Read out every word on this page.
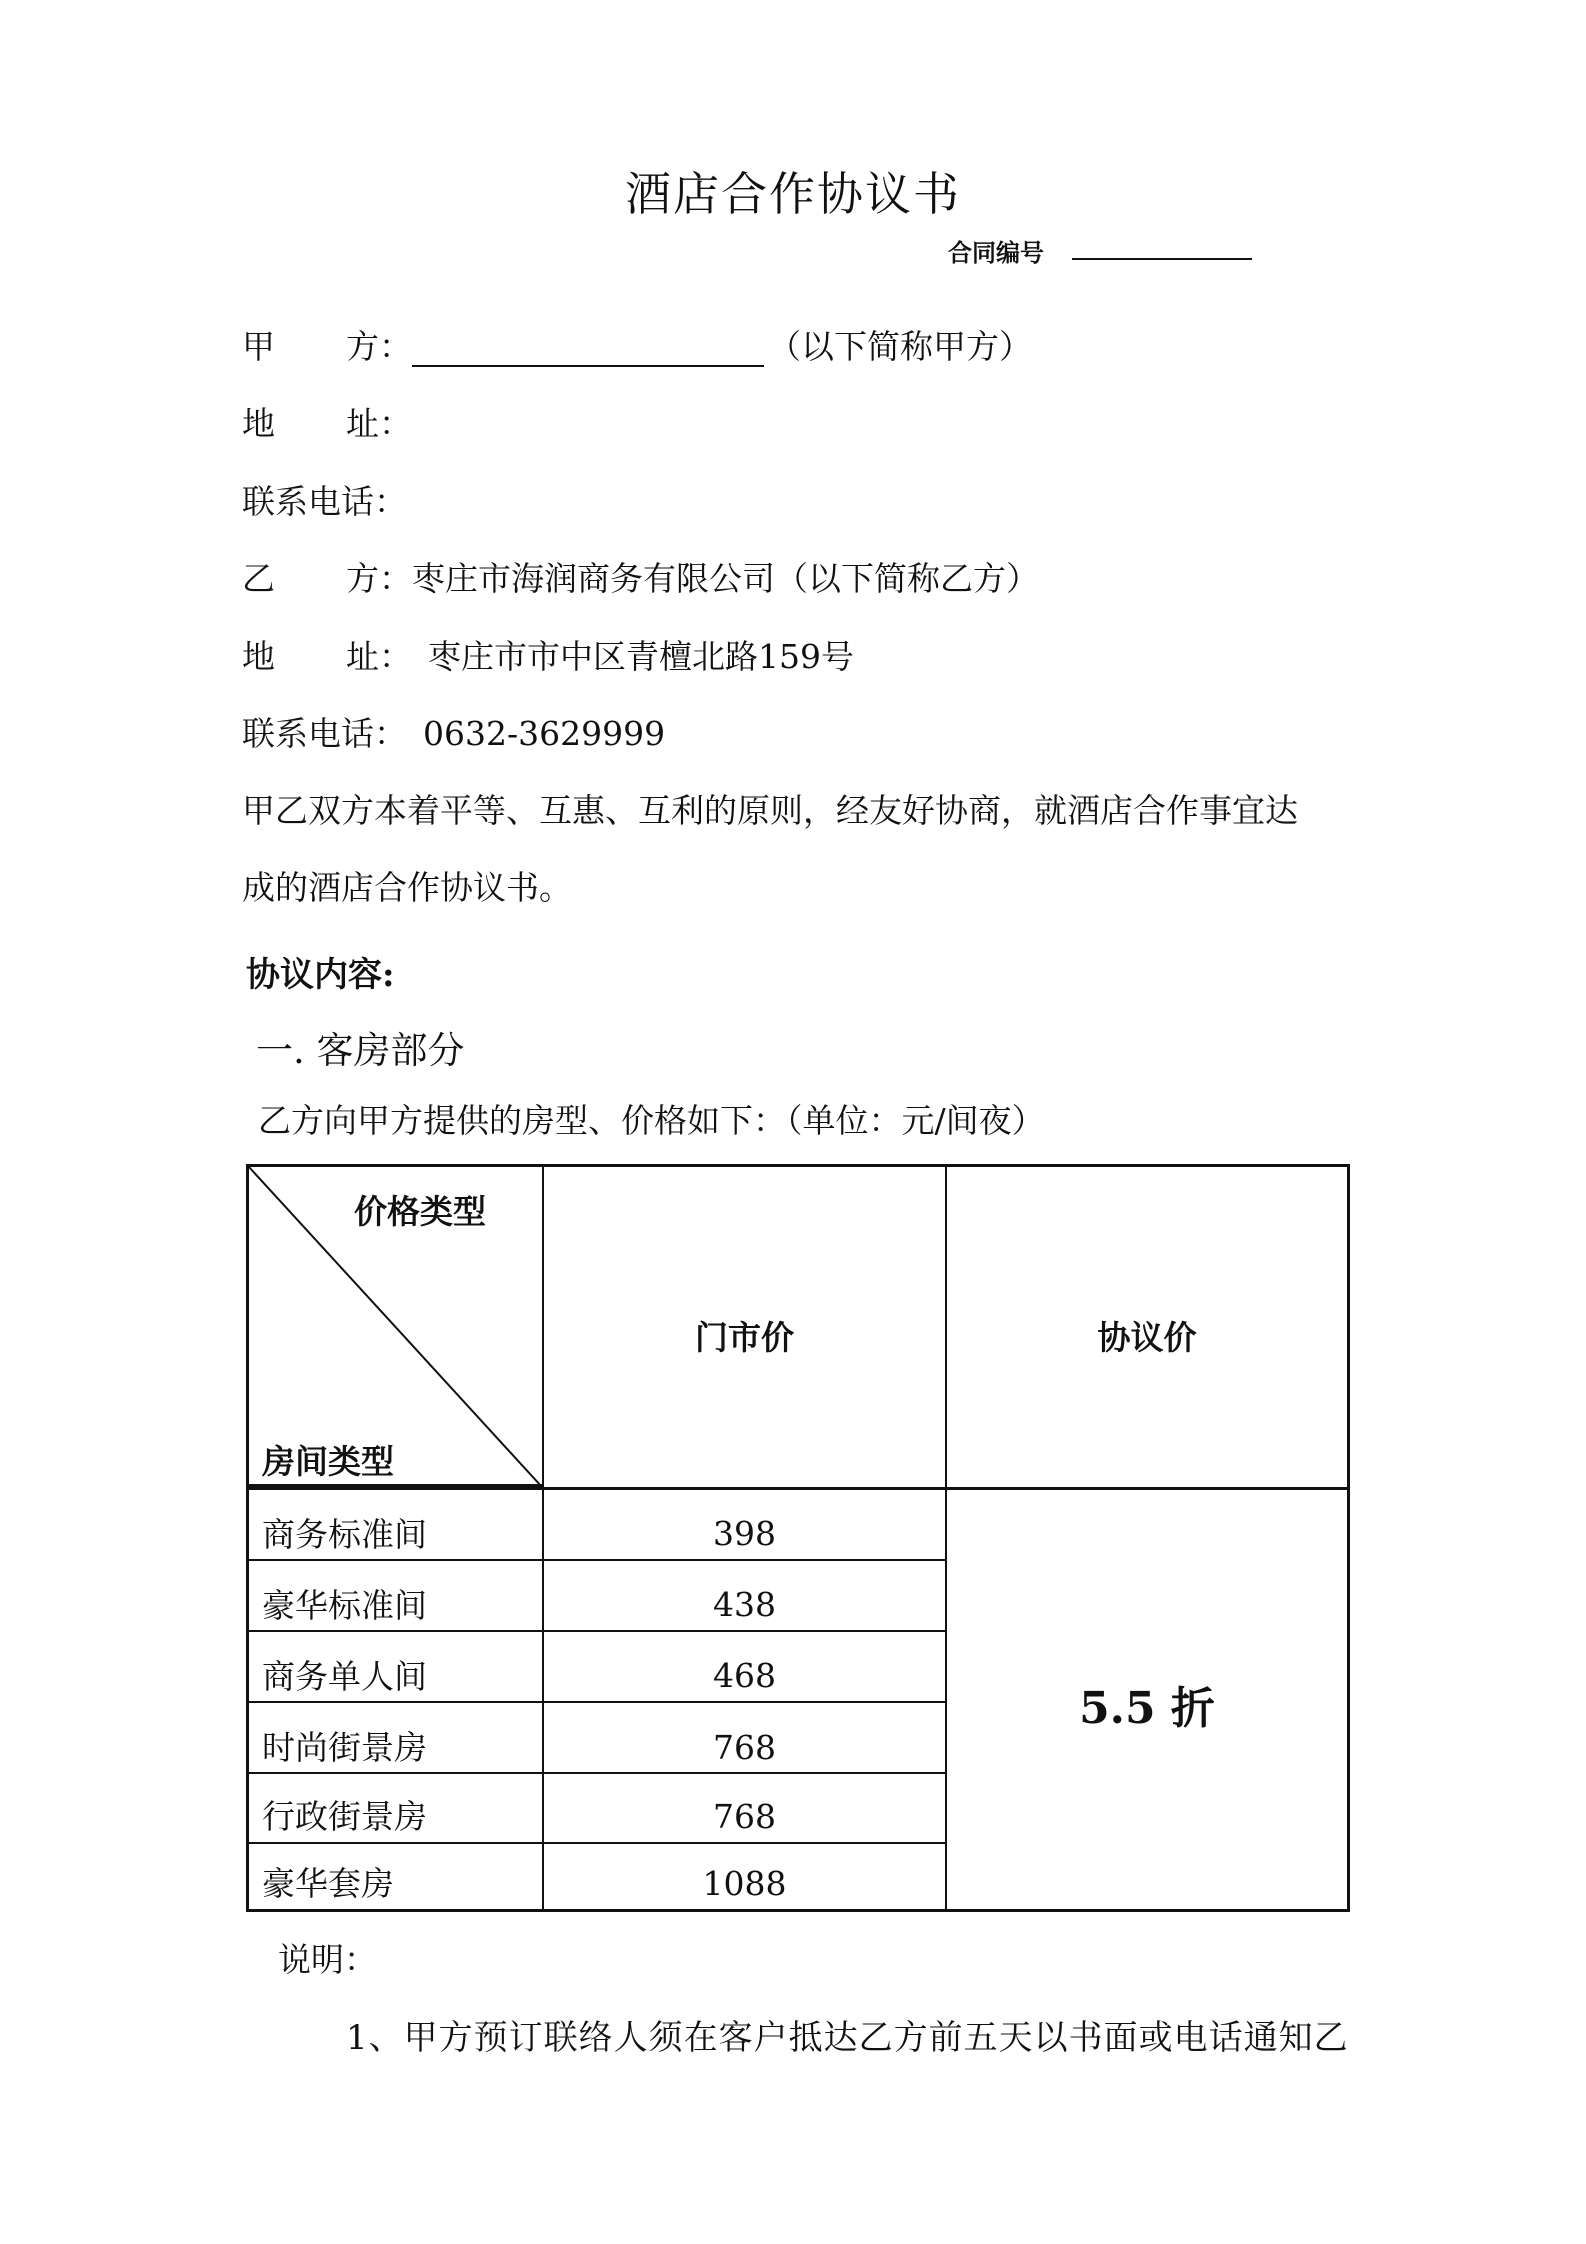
酒店合作协议书
合同编号
甲 方：	（以下简称甲方）
地 址：
联系电话：
乙 方：枣庄市海润商务有限公司（以下简称乙方）
地 址： 枣庄市市中区青檀北路159号
联系电话： 0632-3629999
甲乙双方本着平等、互惠、互利的原则，经友好协商，就酒店合作事宜达
成的酒店合作协议书。
协议内容:
一. 客房部分
乙方向甲方提供的房型、价格如下：（单位：元/间夜）
价格类型
房间类型
门市价	协议价
商务标准间	398
豪华标准间	438
商务单人间	468
时尚街景房	768
行政街景房	768
豪华套房	1088
5.5 折
说明：
1、甲方预订联络人须在客户抵达乙方前五天以书面或电话通知乙
